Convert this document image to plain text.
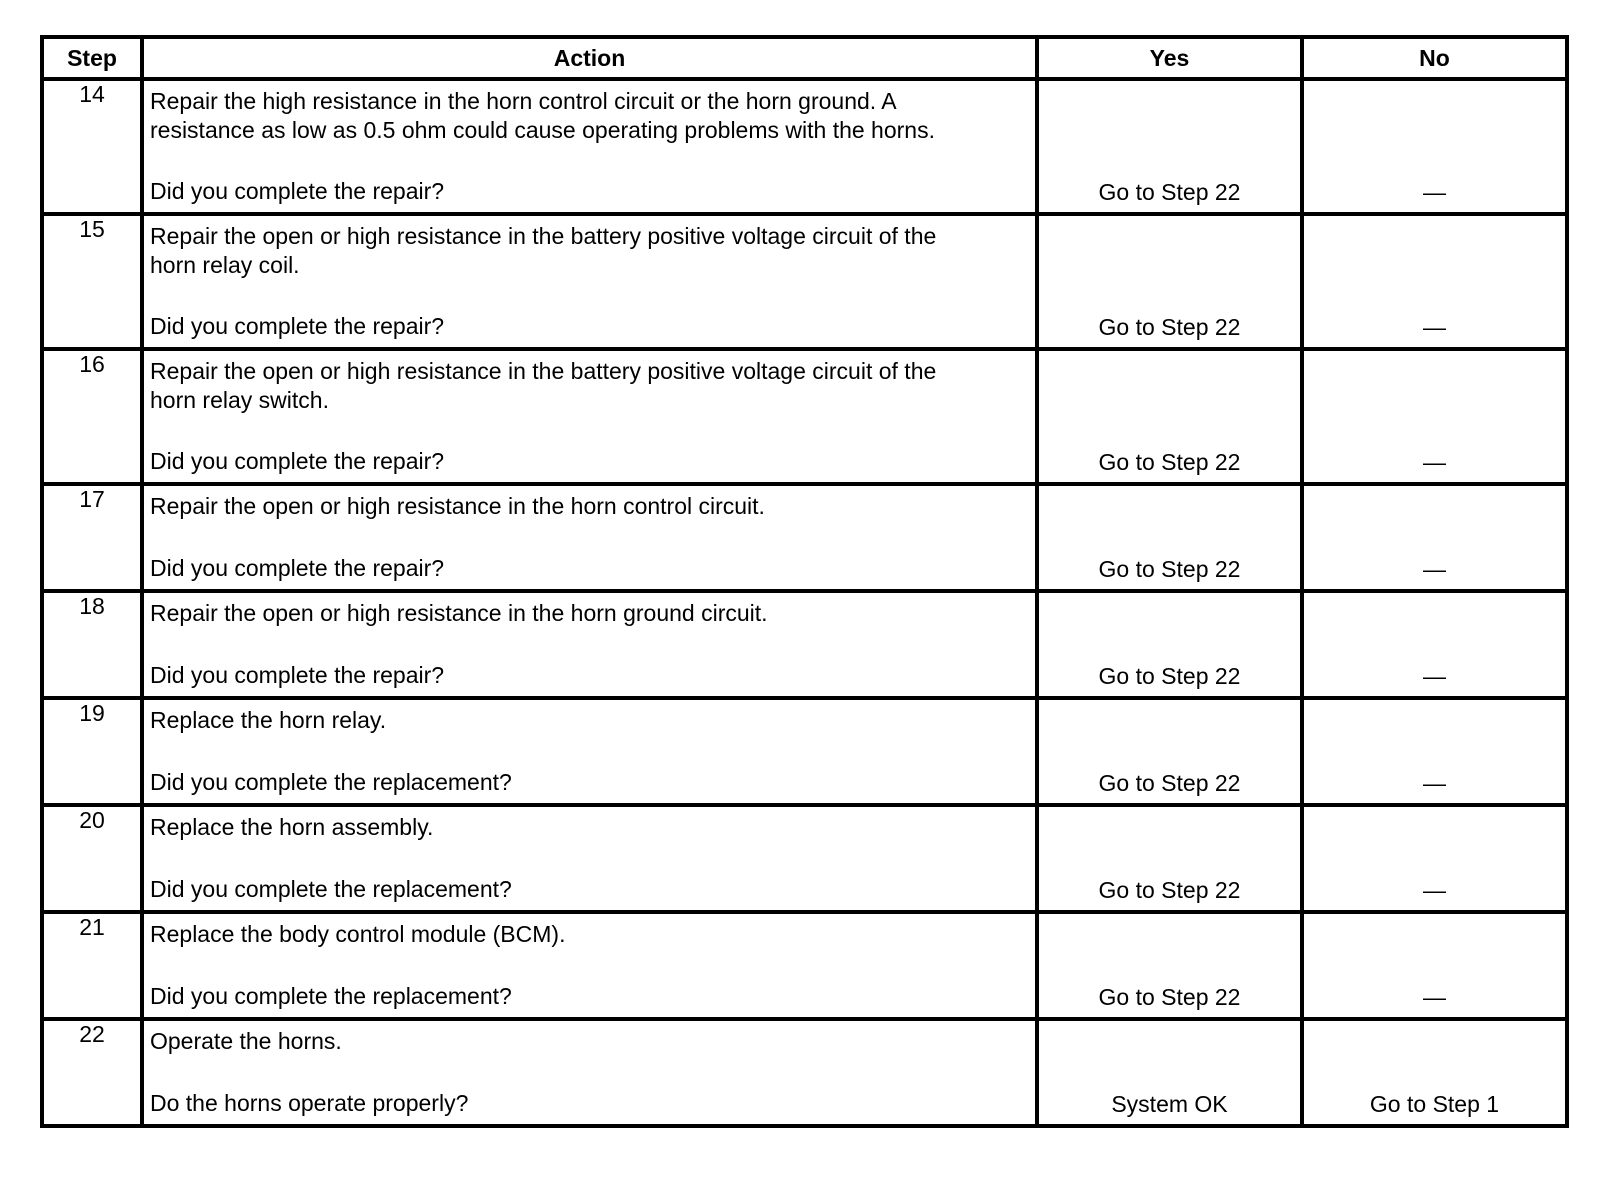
Step	Action	Yes	No
14	Repair the high resistance in the horn control circuit or the horn ground. A
resistance as low as 0.5 ohm could cause operating problems with the horns.
Did you complete the repair?	Go to Step 22	—

15	Repair the open or high resistance in the battery positive voltage circuit of the
horn relay coil.
Did you complete the repair?	Go to Step 22	—

16	Repair the open or high resistance in the battery positive voltage circuit of the
horn relay switch.
Did you complete the repair?	Go to Step 22	—

17	Repair the open or high resistance in the horn control circuit.
Did you complete the repair?	Go to Step 22	—

18	Repair the open or high resistance in the horn ground circuit.
Did you complete the repair?	Go to Step 22	—

19	Replace the horn relay.
Did you complete the replacement?	Go to Step 22	—

20	Replace the horn assembly.
Did you complete the replacement?	Go to Step 22	—

21	Replace the body control module (BCM).
Did you complete the replacement?	Go to Step 22	—

22	Operate the horns.
Do the horns operate properly?	System OK	Go to Step 1
